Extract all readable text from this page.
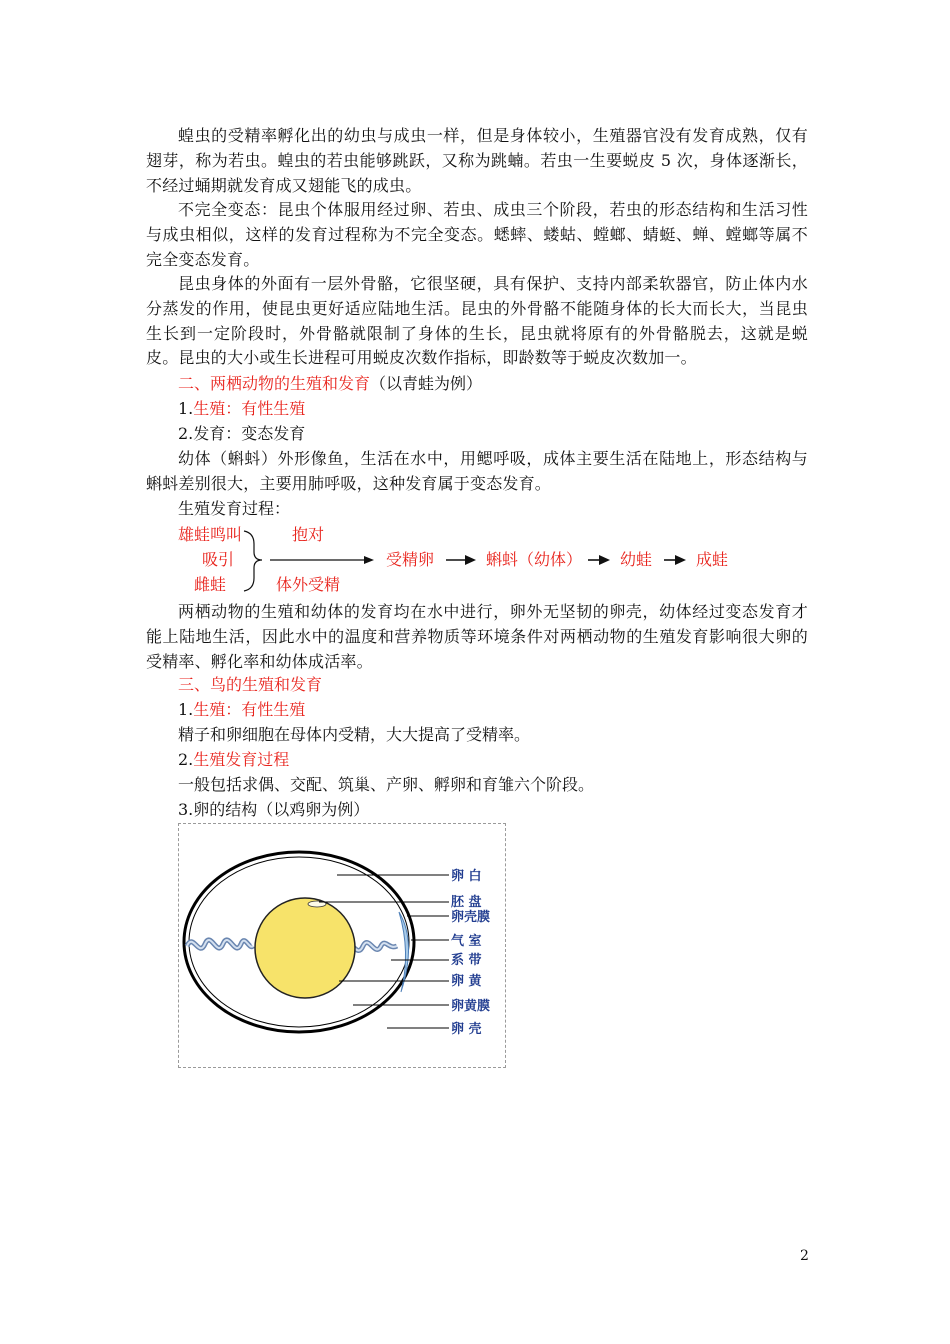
蝗虫的受精率孵化出的幼虫与成虫一样，但是身体较小，生殖器官没有发育成熟，仅有翅芽，称为若虫。蝗虫的若虫能够跳跃，又称为跳蝻。若虫一生要蜕皮 5 次，身体逐渐长，不经过蛹期就发育成又翅能飞的成虫。

不完全变态：昆虫个体服用经过卵、若虫、成虫三个阶段，若虫的形态结构和生活习性与成虫相似，这样的发育过程称为不完全变态。蟋蟀、蝼蛄、螳螂、蜻蜓、蝉、螳螂等属不完全变态发育。

昆虫身体的外面有一层外骨骼，它很坚硬，具有保护、支持内部柔软器官，防止体内水分蒸发的作用，使昆虫更好适应陆地生活。昆虫的外骨骼不能随身体的长大而长大，当昆虫生长到一定阶段时，外骨骼就限制了身体的生长，昆虫就将原有的外骨骼脱去，这就是蜕皮。昆虫的大小或生长进程可用蜕皮次数作指标，即龄数等于蜕皮次数加一。

二、两栖动物的生殖和发育（以青蛙为例）

1.生殖：有性生殖

2.发育：变态发育

幼体（蝌蚪）外形像鱼，生活在水中，用鳃呼吸，成体主要生活在陆地上，形态结构与蝌蚪差别很大，主要用肺呼吸，这种发育属于变态发育。

生殖发育过程：

雄蛙鸣叫
吸引
雌蛙
抱对
体外受精
受精卵	蝌蚪（幼体） 幼蛙	成蛙

两栖动物的生殖和幼体的发育均在水中进行，卵外无坚韧的卵壳，幼体经过变态发育才能上陆地生活，因此水中的温度和营养物质等环境条件对两栖动物的生殖发育影响很大卵的受精率、孵化率和幼体成活率。

三、鸟的生殖和发育

1.生殖：有性生殖

精子和卵细胞在母体内受精，大大提高了受精率。

2.生殖发育过程

一般包括求偶、交配、筑巢、产卵、孵卵和育雏六个阶段。

3.卵的结构（以鸡卵为例）

卵 白
胚 盘
卵壳膜
气 室
系 带
卵 黄
卵黄膜
卵 壳
2
